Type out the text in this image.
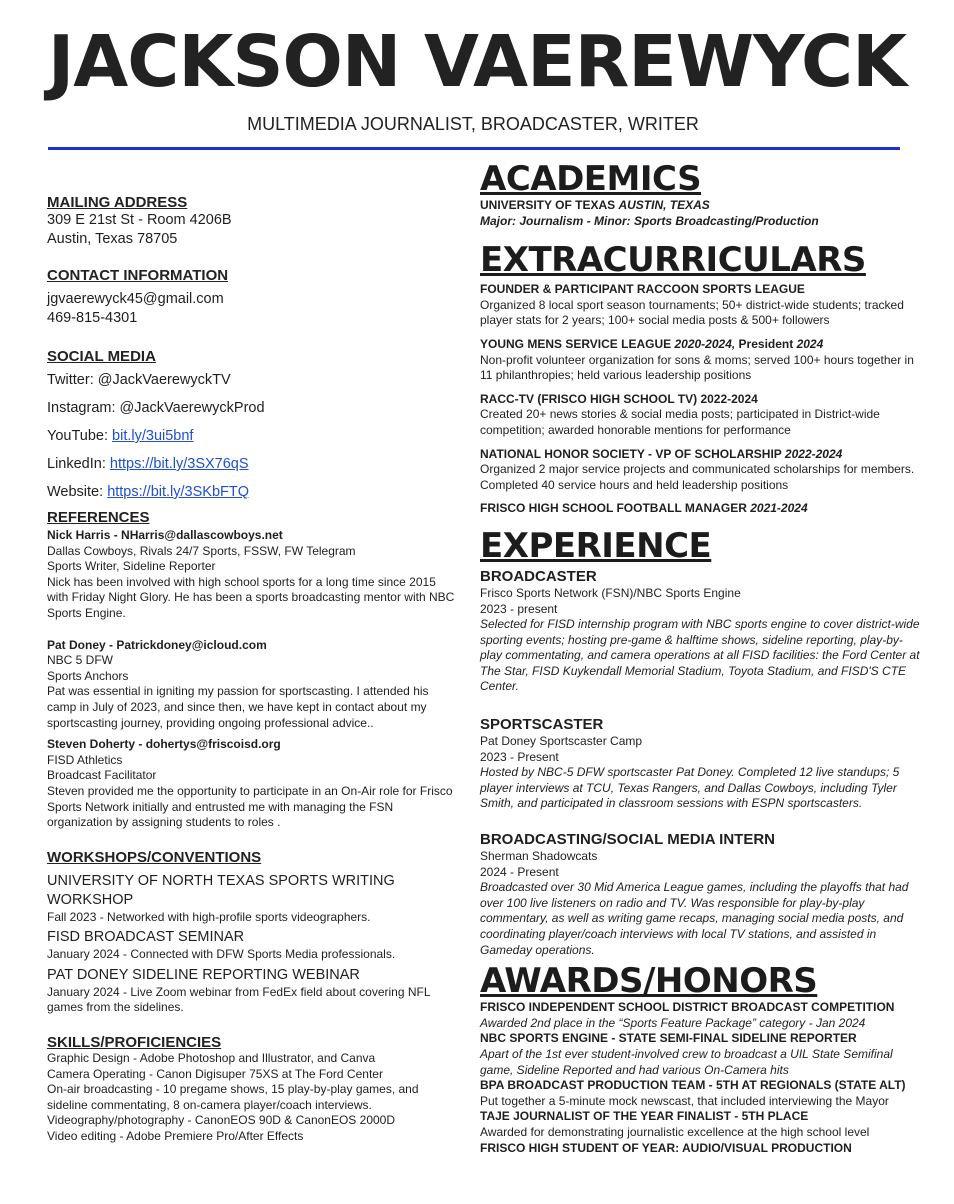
JACKSON VAEREWYCK
MULTIMEDIA JOURNALIST, BROADCASTER, WRITER
MAILING ADDRESS
309 E 21st St - Room 4206B
Austin, Texas 78705
CONTACT INFORMATION
jgvaerewyck45@gmail.com
469-815-4301
SOCIAL MEDIA
Twitter: @JackVaerewyckTV
Instagram: @JackVaerewyckProd
YouTube: bit.ly/3ui5bnf
LinkedIn: https://bit.ly/3SX76qS
Website: https://bit.ly/3SKbFTQ
REFERENCES
Nick Harris - NHarris@dallascowboys.net
Dallas Cowboys, Rivals 24/7 Sports, FSSW, FW Telegram
Sports Writer, Sideline Reporter
Nick has been involved with high school sports for a long time since 2015 with Friday Night Glory. He has been a sports broadcasting mentor with NBC Sports Engine.
Pat Doney - Patrickdoney@icloud.com
NBC 5 DFW
Sports Anchors
Pat was essential in igniting my passion for sportscasting. I attended his camp in July of 2023, and since then, we have kept in contact about my sportscasting journey, providing ongoing professional advice..
Steven Doherty - dohertys@friscoisd.org
FISD Athletics
Broadcast Facilitator
Steven provided me the opportunity to participate in an On-Air role for Frisco Sports Network initially and entrusted me with managing the FSN organization by assigning students to roles .
WORKSHOPS/CONVENTIONS
UNIVERSITY OF NORTH TEXAS SPORTS WRITING WORKSHOP
Fall 2023 - Networked with high-profile sports videographers.
FISD BROADCAST SEMINAR
January 2024 - Connected with DFW Sports Media professionals.
PAT DONEY SIDELINE REPORTING WEBINAR
January 2024 - Live Zoom webinar from FedEx field about covering NFL games from the sidelines.
SKILLS/PROFICIENCIES
Graphic Design - Adobe Photoshop and Illustrator, and Canva
Camera Operating - Canon Digisuper 75XS at The Ford Center
On-air broadcasting - 10 pregame shows, 15 play-by-play games, and sideline commentating, 8 on-camera player/coach interviews.
Videography/photography - CanonEOS 90D & CanonEOS 2000D
Video editing - Adobe Premiere Pro/After Effects
ACADEMICS
UNIVERSITY OF TEXAS AUSTIN, TEXAS
Major: Journalism - Minor: Sports Broadcasting/Production
EXTRACURRICULARS
FOUNDER & PARTICIPANT RACCOON SPORTS LEAGUE
Organized 8 local sport season tournaments; 50+ district-wide students; tracked player stats for 2 years; 100+ social media posts & 500+ followers
YOUNG MENS SERVICE LEAGUE 2020-2024, President 2024
Non-profit volunteer organization for sons & moms; served 100+ hours together in 11 philanthropies; held various leadership positions
RACC-TV (FRISCO HIGH SCHOOL TV) 2022-2024
Created 20+ news stories & social media posts; participated in District-wide competition; awarded honorable mentions for performance
NATIONAL HONOR SOCIETY - VP OF SCHOLARSHIP 2022-2024
Organized 2 major service projects and communicated scholarships for members. Completed 40 service hours and held leadership positions
FRISCO HIGH SCHOOL FOOTBALL MANAGER 2021-2024
EXPERIENCE
BROADCASTER
Frisco Sports Network (FSN)/NBC Sports Engine
2023 - present
Selected for FISD internship program with NBC sports engine to cover district-wide sporting events; hosting pre-game & halftime shows, sideline reporting, play-by-play commentating, and camera operations at all FISD facilities: the Ford Center at The Star, FISD Kuykendall Memorial Stadium, Toyota Stadium, and FISD'S CTE Center.
SPORTSCASTER
Pat Doney Sportscaster Camp
2023 - Present
Hosted by NBC-5 DFW sportscaster Pat Doney. Completed 12 live standups; 5 player interviews at TCU, Texas Rangers, and Dallas Cowboys, including Tyler Smith, and participated in classroom sessions with ESPN sportscasters.
BROADCASTING/SOCIAL MEDIA INTERN
Sherman Shadowcats
2024 - Present
Broadcasted over 30 Mid America League games, including the playoffs that had over 100 live listeners on radio and TV. Was responsible for play-by-play commentary, as well as writing game recaps, managing social media posts, and coordinating player/coach interviews with local TV stations, and assisted in Gameday operations.
AWARDS/HONORS
FRISCO INDEPENDENT SCHOOL DISTRICT BROADCAST COMPETITION
Awarded 2nd place in the “Sports Feature Package” category - Jan 2024
NBC SPORTS ENGINE - STATE SEMI-FINAL SIDELINE REPORTER
Apart of the 1st ever student-involved crew to broadcast a UIL State Semifinal game, Sideline Reported and had various On-Camera hits
BPA BROADCAST PRODUCTION TEAM - 5TH AT REGIONALS (STATE ALT)
Put together a 5-minute mock newscast, that included interviewing the Mayor
TAJE JOURNALIST OF THE YEAR FINALIST - 5TH PLACE
Awarded for demonstrating journalistic excellence at the high school level
FRISCO HIGH STUDENT OF YEAR: AUDIO/VISUAL PRODUCTION
